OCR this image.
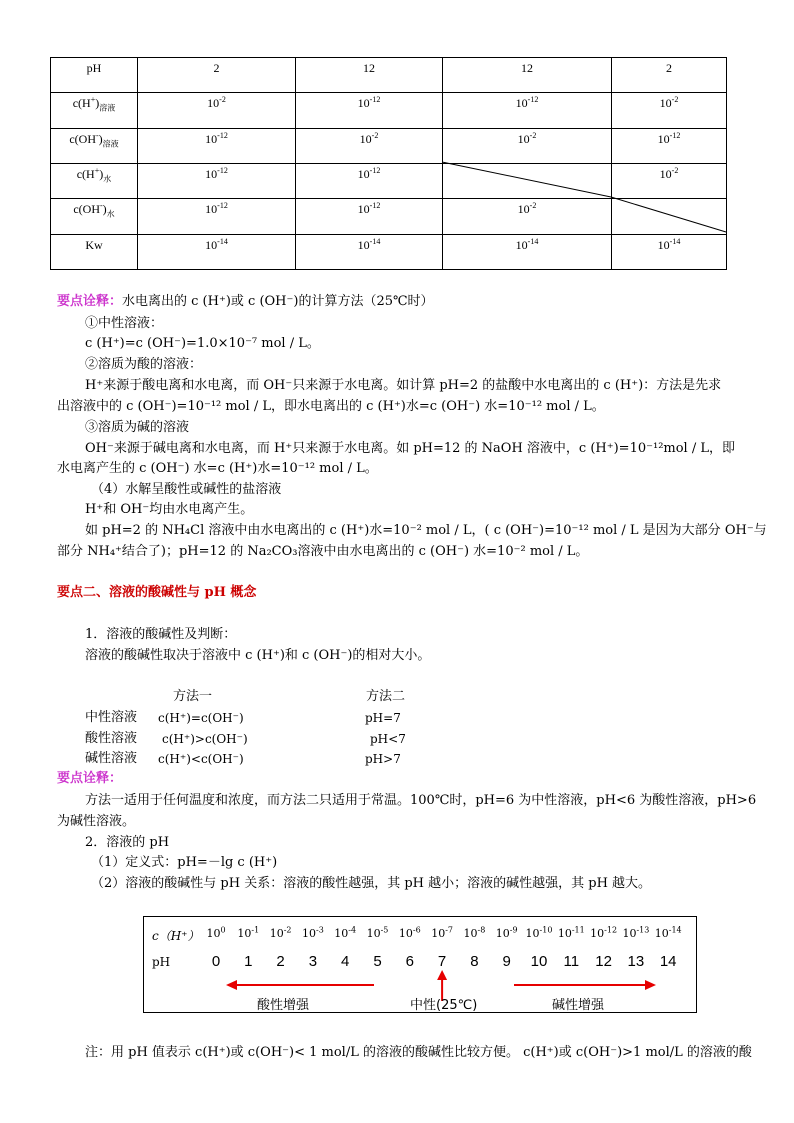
pH	2	12	12	2
$c(H^+)_{溶液}$	$10^{-2}$	$10^{-12}$	$10^{-12}$	$10^{-2}$
$c(OH^-)_{溶液}$	$10^{-12}$	$10^{-2}$	$10^{-2}$	$10^{-12}$
$c(H^+)_水$	$10^{-12}$	$10^{-12}$		$10^{-2}$
$c(OH^-)_水$	$10^{-12}$	$10^{-12}$	$10^{-2}$	
Kw	$10^{-14}$	$10^{-14}$	$10^{-14}$	$10^{-14}$
要点诠释：水电离出的 c (H⁺)或 c (OH⁻)的计算方法（25℃时）
①中性溶液：
c (H⁺)=c (OH⁻)=1.0×10⁻⁷ mol / L。
②溶质为酸的溶液：
H⁺来源于酸电离和水电离，而 OH⁻只来源于水电离。如计算 pH=2 的盐酸中水电离出的 c (H⁺)：方法是先求
出溶液中的 c (OH⁻)=10⁻¹² mol / L，即水电离出的 c (H⁺)水=c (OH⁻) 水=10⁻¹² mol / L。
③溶质为碱的溶液
OH⁻来源于碱电离和水电离，而 H⁺只来源于水电离。如 pH=12 的 NaOH 溶液中，c (H⁺)=10⁻¹²mol / L，即
水电离产生的 c (OH⁻) 水=c (H⁺)水=10⁻¹² mol / L。
（4）水解呈酸性或碱性的盐溶液
H⁺和 OH⁻均由水电离产生。
如 pH=2 的 NH₄Cl 溶液中由水电离出的 c (H⁺)水=10⁻² mol / L，( c (OH⁻)=10⁻¹² mol / L 是因为大部分 OH⁻与
部分 NH₄⁺结合了)；pH=12 的 Na₂CO₃溶液中由水电离出的 c (OH⁻) 水=10⁻² mol / L。
要点二、溶液的酸碱性与 pH 概念
1．溶液的酸碱性及判断：
溶液的酸碱性取决于溶液中 c (H⁺)和 c (OH⁻)的相对大小。
方法一	方法二
中性溶液 c(H⁺)=c(OH⁻)	pH=7
酸性溶液 c(H⁺)>c(OH⁻)	pH<7
碱性溶液 c(H⁺)<c(OH⁻)	pH>7
要点诠释：
方法一适用于任何温度和浓度，而方法二只适用于常温。100℃时，pH=6 为中性溶液，pH<6 为酸性溶液，pH>6
为碱性溶液。
2．溶液的 pH
（1）定义式：pH=－lg c (H⁺)
（2）溶液的酸碱性与 pH 关系：溶液的酸性越强，其 pH 越小；溶液的碱性越强，其 pH 越大。
c（H⁺）
pH
$10^0$ $10^{-1}$ $10^{-2}$ $10^{-3}$ $10^{-4}$ $10^{-5}$ $10^{-6}$ $10^{-7}$ $10^{-8}$ $10^{-9}$ $10^{-10}$ $10^{-11}$ $10^{-12}$ $10^{-13}$ $10^{-14}$
0 1 2 3 4 5 6 7 8 9 10 11 12 13 14
酸性增强	中性(25℃)	碱性增强
注：用 pH 值表示 c(H⁺)或 c(OH⁻)< 1 mol/L 的溶液的酸碱性比较方便。 c(H⁺)或 c(OH⁻)>1 mol/L 的溶液的酸
